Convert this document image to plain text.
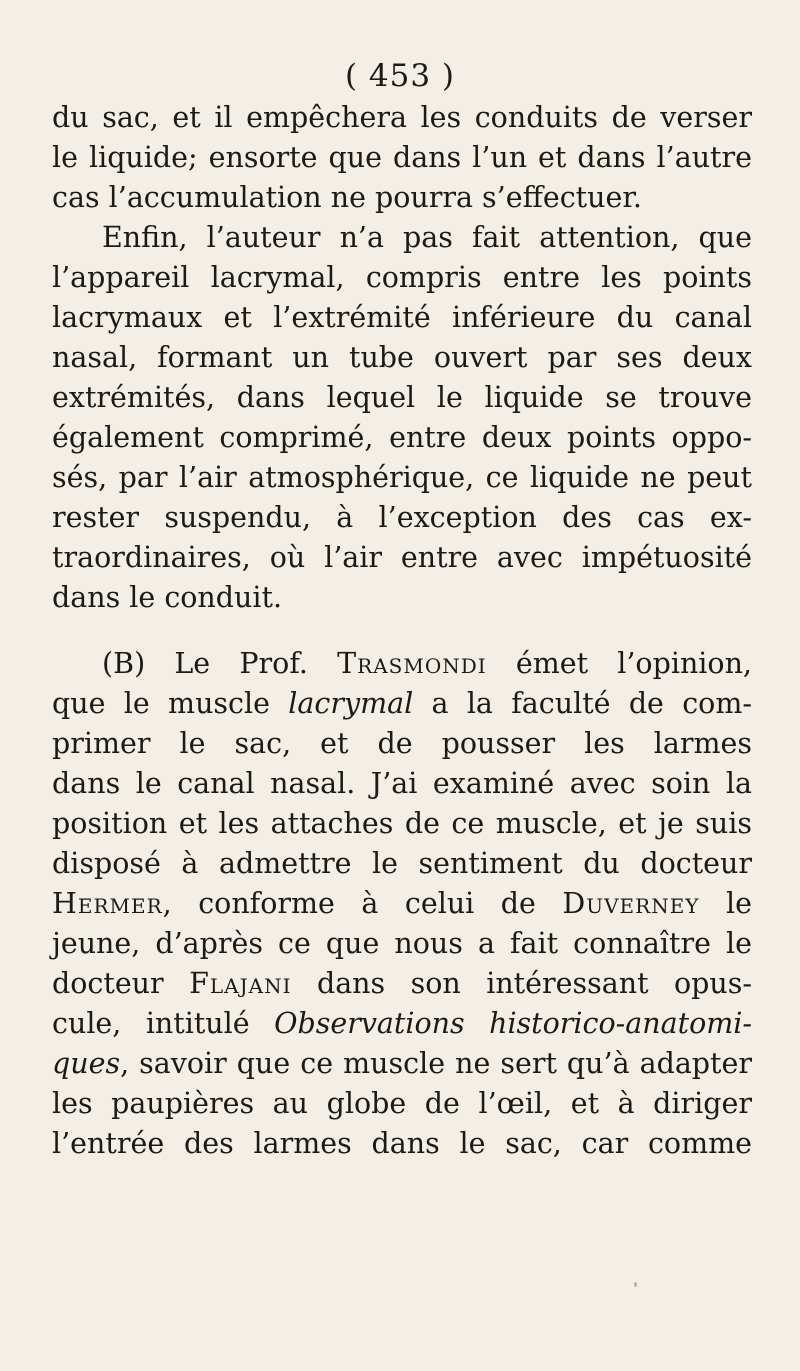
( 453 )
du sac, et il empêchera les conduits de verser
le liquide; ensorte que dans l’un et dans l’autre
cas l’accumulation ne pourra s’effectuer.
Enfin, l’auteur n’a pas fait attention, que
l’appareil lacrymal, compris entre les points
lacrymaux et l’extrémité inférieure du canal
nasal, formant un tube ouvert par ses deux
extrémités, dans lequel le liquide se trouve
également comprimé, entre deux points oppo-
sés, par l’air atmosphérique, ce liquide ne peut
rester suspendu, à l’exception des cas ex-
traordinaires, où l’air entre avec impétuosité
dans le conduit.
(B) Le Prof. Trasmondi émet l’opinion,
que le muscle lacrymal a la faculté de com-
primer le sac, et de pousser les larmes
dans le canal nasal. J’ai examiné avec soin la
position et les attaches de ce muscle, et je suis
disposé à admettre le sentiment du docteur
Hermer, conforme à celui de Duverney le
jeune, d’après ce que nous a fait connaître le
docteur Flajani dans son intéressant opus-
cule, intitulé Observations historico-anatomi-
ques, savoir que ce muscle ne sert qu’à adapter
les paupières au globe de l’œil, et à diriger
l’entrée des larmes dans le sac, car comme
